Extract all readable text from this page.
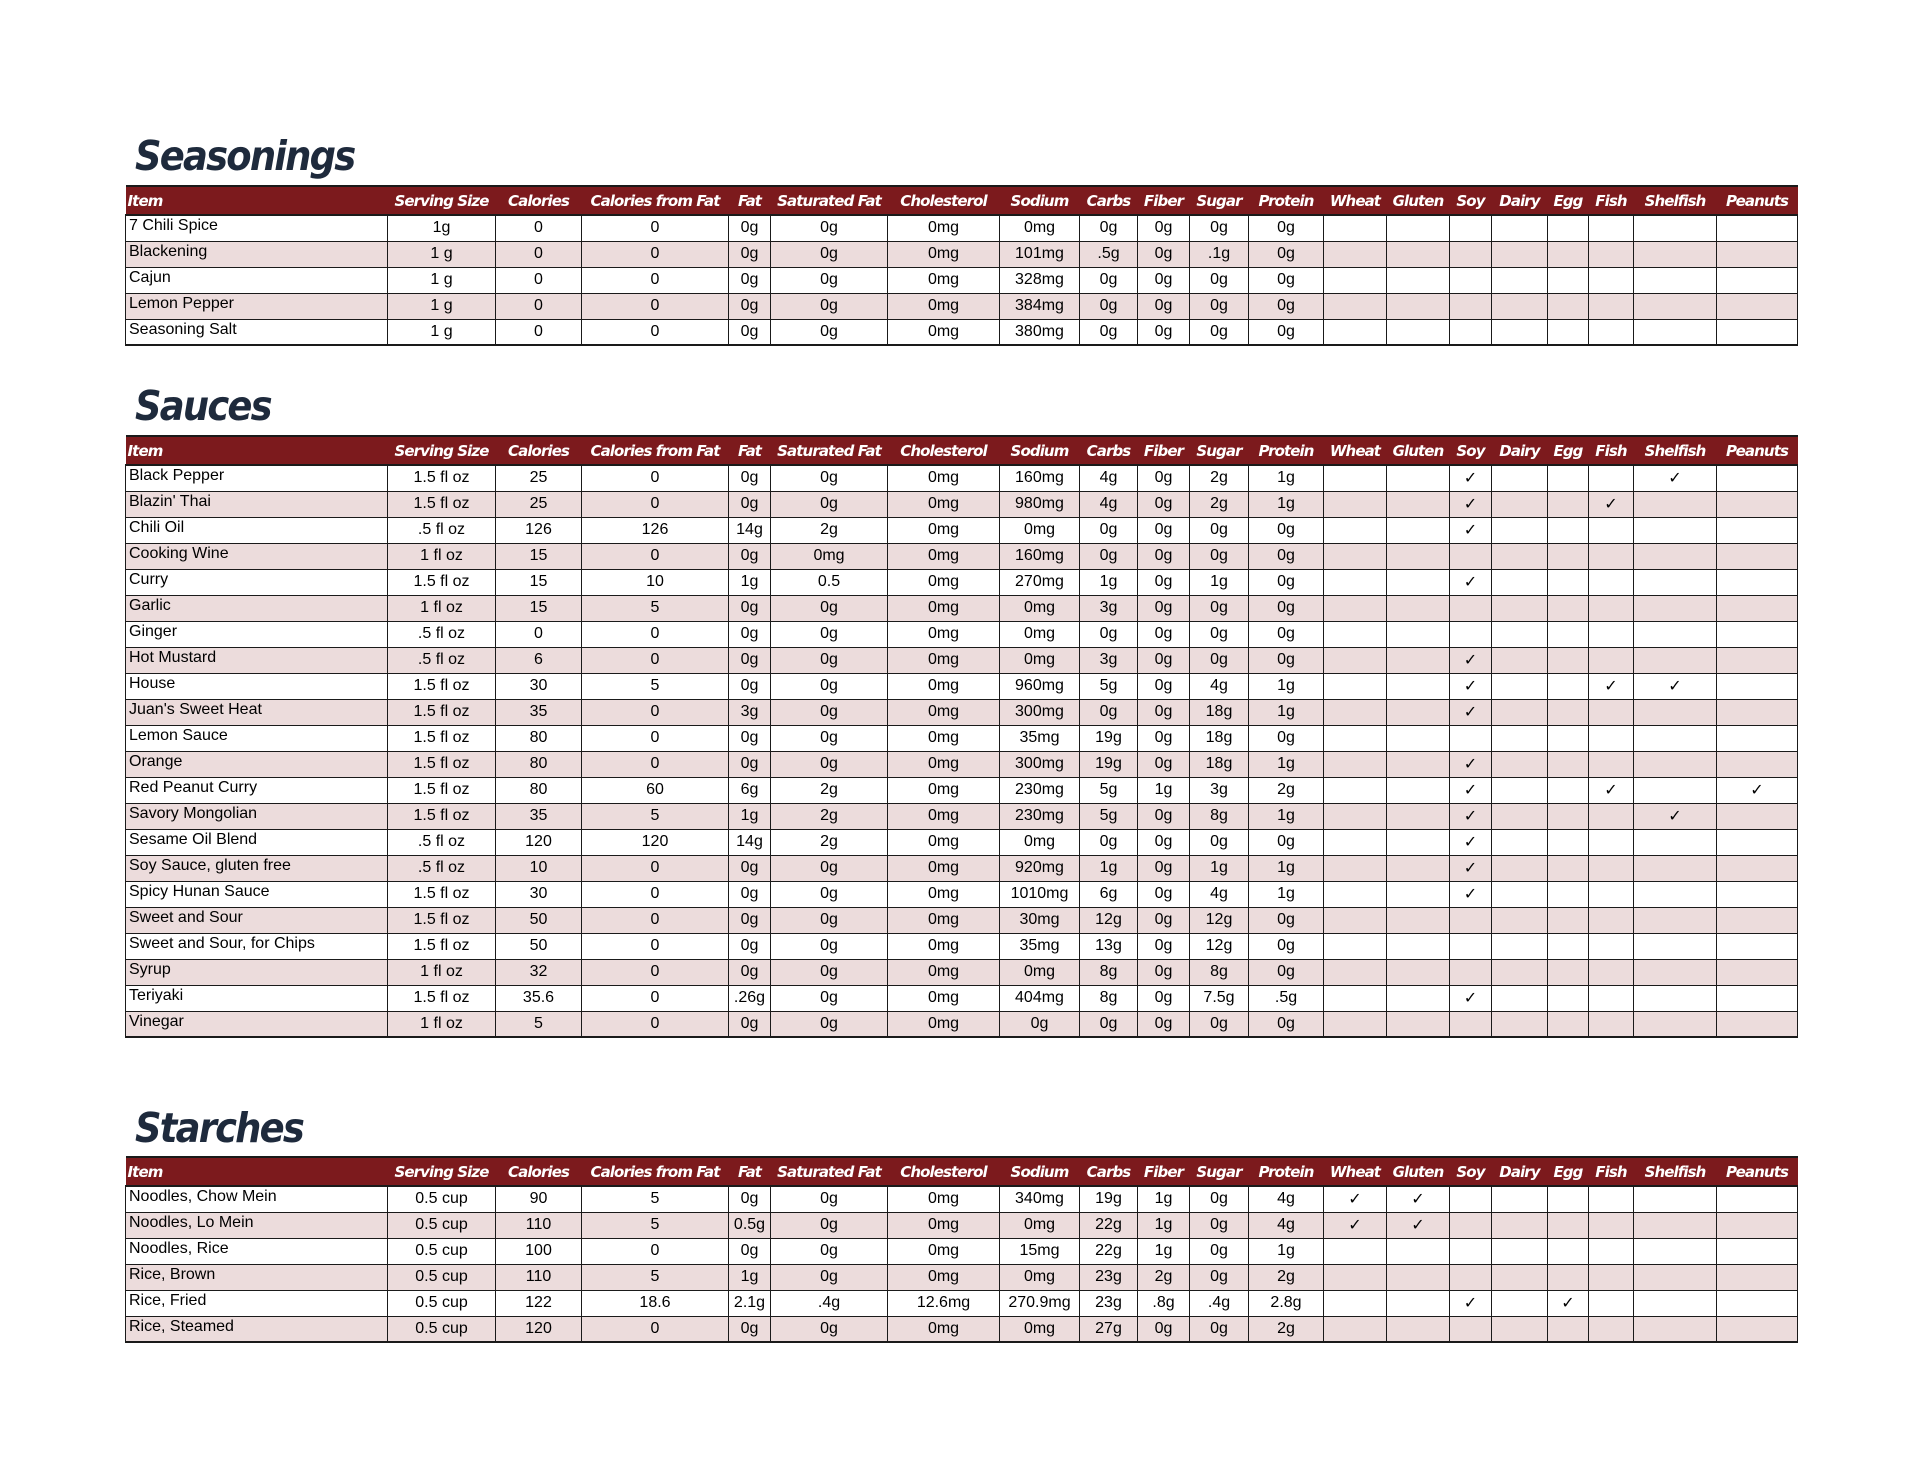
Seasonings
Item	Serving Size	Calories	Calories from Fat	Fat	Saturated Fat	Cholesterol	Sodium	Carbs	Fiber	Sugar	Protein	Wheat	Gluten	Soy	Dairy	Egg	Fish	Shelfish	Peanuts
7 Chili Spice	1g	0	0	0g	0g	0mg	0mg	0g	0g	0g	0g								
Blackening	1 g	0	0	0g	0g	0mg	101mg	.5g	0g	.1g	0g								
Cajun	1 g	0	0	0g	0g	0mg	328mg	0g	0g	0g	0g								
Lemon Pepper	1 g	0	0	0g	0g	0mg	384mg	0g	0g	0g	0g								
Seasoning Salt	1 g	0	0	0g	0g	0mg	380mg	0g	0g	0g	0g								
Sauces
Item	Serving Size	Calories	Calories from Fat	Fat	Saturated Fat	Cholesterol	Sodium	Carbs	Fiber	Sugar	Protein	Wheat	Gluten	Soy	Dairy	Egg	Fish	Shelfish	Peanuts
Black Pepper	1.5 fl oz	25	0	0g	0g	0mg	160mg	4g	0g	2g	1g			✓				✓	
Blazin' Thai	1.5 fl oz	25	0	0g	0g	0mg	980mg	4g	0g	2g	1g			✓			✓		
Chili Oil	.5 fl oz	126	126	14g	2g	0mg	0mg	0g	0g	0g	0g			✓					
Cooking Wine	1 fl oz	15	0	0g	0mg	0mg	160mg	0g	0g	0g	0g								
Curry	1.5 fl oz	15	10	1g	0.5	0mg	270mg	1g	0g	1g	0g			✓					
Garlic	1 fl oz	15	5	0g	0g	0mg	0mg	3g	0g	0g	0g								
Ginger	.5 fl oz	0	0	0g	0g	0mg	0mg	0g	0g	0g	0g								
Hot Mustard	.5 fl oz	6	0	0g	0g	0mg	0mg	3g	0g	0g	0g			✓					
House	1.5 fl oz	30	5	0g	0g	0mg	960mg	5g	0g	4g	1g			✓			✓	✓	
Juan's Sweet Heat	1.5 fl oz	35	0	3g	0g	0mg	300mg	0g	0g	18g	1g			✓					
Lemon Sauce	1.5 fl oz	80	0	0g	0g	0mg	35mg	19g	0g	18g	0g								
Orange	1.5 fl oz	80	0	0g	0g	0mg	300mg	19g	0g	18g	1g			✓					
Red Peanut Curry	1.5 fl oz	80	60	6g	2g	0mg	230mg	5g	1g	3g	2g			✓			✓		✓
Savory Mongolian	1.5 fl oz	35	5	1g	2g	0mg	230mg	5g	0g	8g	1g			✓				✓	
Sesame Oil Blend	.5 fl oz	120	120	14g	2g	0mg	0mg	0g	0g	0g	0g			✓					
Soy Sauce, gluten free	.5 fl oz	10	0	0g	0g	0mg	920mg	1g	0g	1g	1g			✓					
Spicy Hunan Sauce	1.5 fl oz	30	0	0g	0g	0mg	1010mg	6g	0g	4g	1g			✓					
Sweet and Sour	1.5 fl oz	50	0	0g	0g	0mg	30mg	12g	0g	12g	0g								
Sweet and Sour, for Chips	1.5 fl oz	50	0	0g	0g	0mg	35mg	13g	0g	12g	0g								
Syrup	1 fl oz	32	0	0g	0g	0mg	0mg	8g	0g	8g	0g								
Teriyaki	1.5 fl oz	35.6	0	.26g	0g	0mg	404mg	8g	0g	7.5g	.5g			✓					
Vinegar	1 fl oz	5	0	0g	0g	0mg	0g	0g	0g	0g	0g								
Starches
Item	Serving Size	Calories	Calories from Fat	Fat	Saturated Fat	Cholesterol	Sodium	Carbs	Fiber	Sugar	Protein	Wheat	Gluten	Soy	Dairy	Egg	Fish	Shelfish	Peanuts
Noodles, Chow Mein	0.5 cup	90	5	0g	0g	0mg	340mg	19g	1g	0g	4g	✓	✓						
Noodles, Lo Mein	0.5 cup	110	5	0.5g	0g	0mg	0mg	22g	1g	0g	4g	✓	✓						
Noodles, Rice	0.5 cup	100	0	0g	0g	0mg	15mg	22g	1g	0g	1g								
Rice, Brown	0.5 cup	110	5	1g	0g	0mg	0mg	23g	2g	0g	2g								
Rice, Fried	0.5 cup	122	18.6	2.1g	.4g	12.6mg	270.9mg	23g	.8g	.4g	2.8g			✓		✓			
Rice, Steamed	0.5 cup	120	0	0g	0g	0mg	0mg	27g	0g	0g	2g								
